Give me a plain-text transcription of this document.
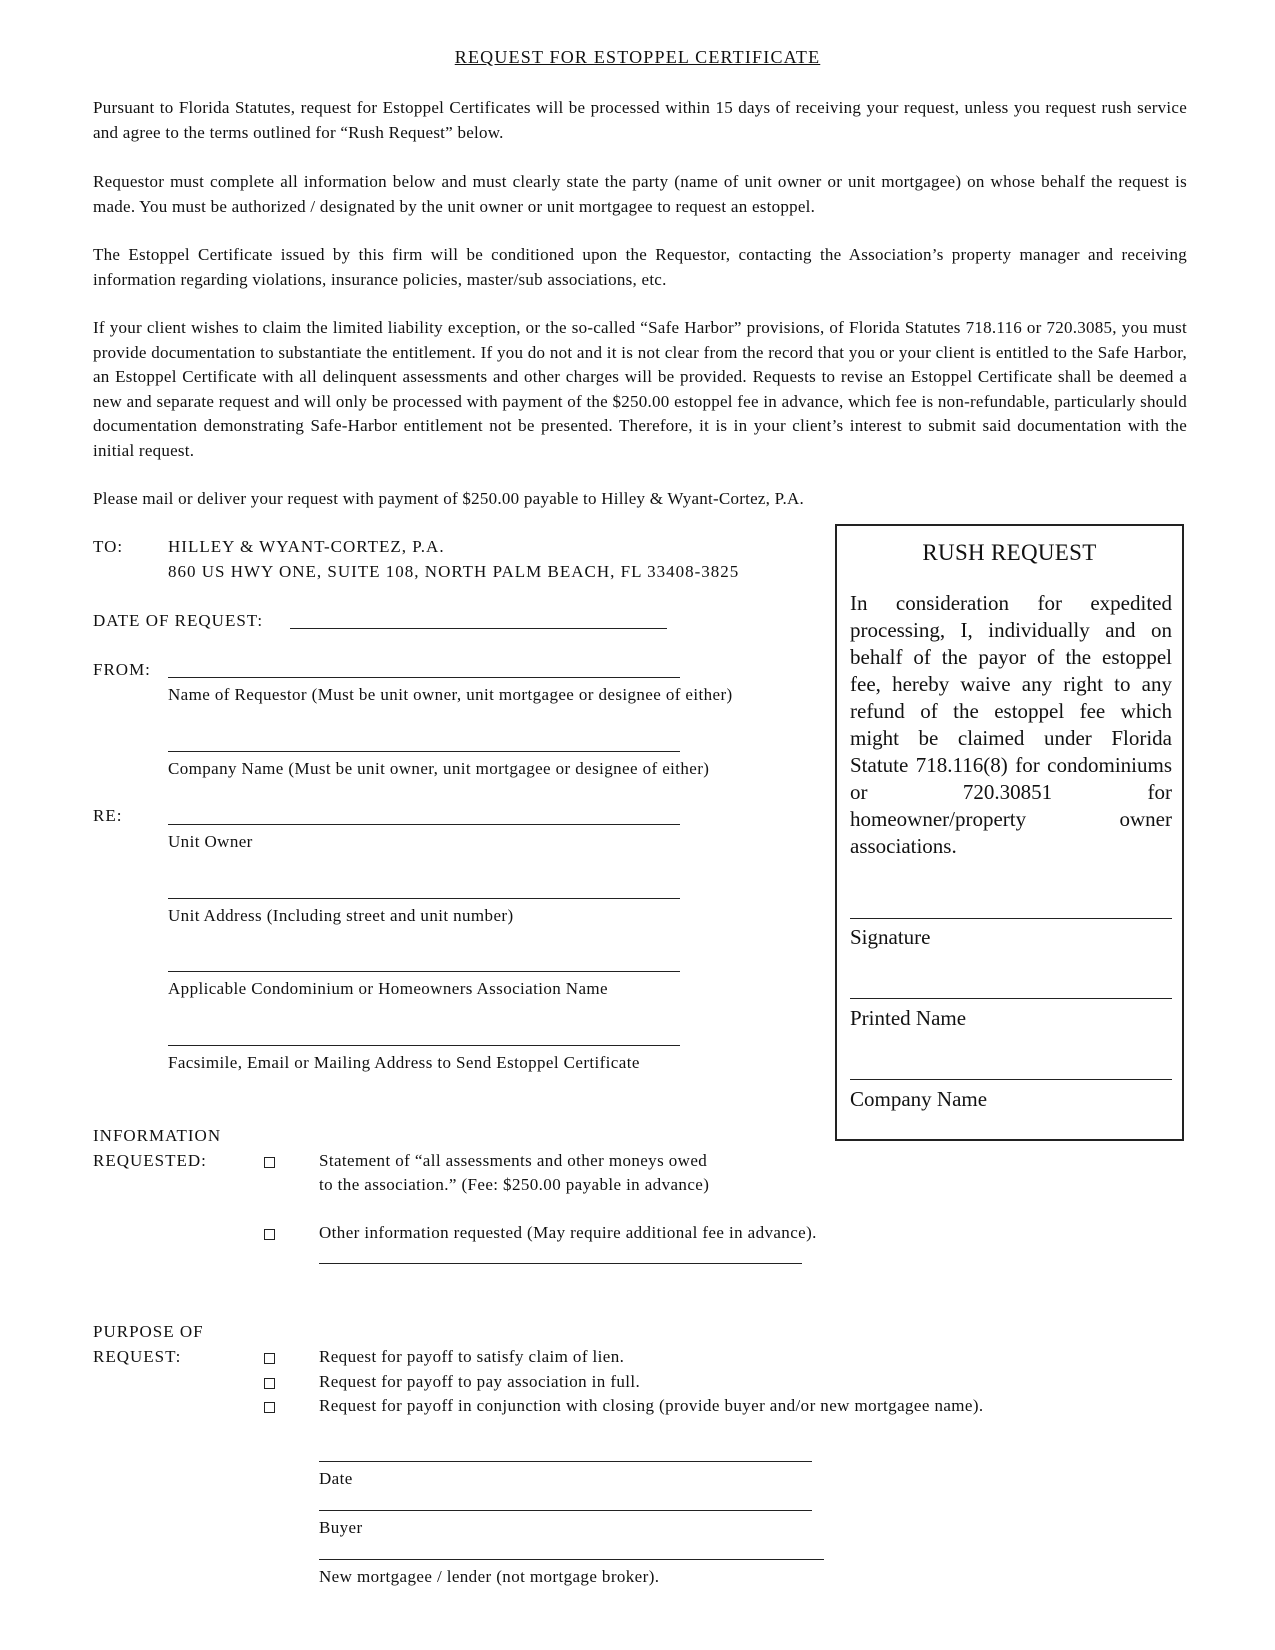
REQUEST FOR ESTOPPEL CERTIFICATE
Pursuant to Florida Statutes, request for Estoppel Certificates will be processed within 15 days of receiving your request, unless you request rush service and agree to the terms outlined for “Rush Request” below.
Requestor must complete all information below and must clearly state the party (name of unit owner or unit mortgagee) on whose behalf the request is made. You must be authorized / designated by the unit owner or unit mortgagee to request an estoppel.
The Estoppel Certificate issued by this firm will be conditioned upon the Requestor, contacting the Association’s property manager and receiving information regarding violations, insurance policies, master/sub associations, etc.
If your client wishes to claim the limited liability exception, or the so-called “Safe Harbor” provisions, of Florida Statutes 718.116 or 720.3085, you must provide documentation to substantiate the entitlement. If you do not and it is not clear from the record that you or your client is entitled to the Safe Harbor, an Estoppel Certificate with all delinquent assessments and other charges will be provided. Requests to revise an Estoppel Certificate shall be deemed a new and separate request and will only be processed with payment of the $250.00 estoppel fee in advance, which fee is non-refundable, particularly should documentation demonstrating Safe-Harbor entitlement not be presented. Therefore, it is in your client’s interest to submit said documentation with the initial request.
Please mail or deliver your request with payment of $250.00 payable to Hilley & Wyant-Cortez, P.A.
TO:	HILLEY & WYANT-CORTEZ, P.A.
860 US HWY ONE, SUITE 108, NORTH PALM BEACH, FL 33408-3825
DATE OF REQUEST:
FROM:
Name of Requestor (Must be unit owner, unit mortgagee or designee of either)
Company Name (Must be unit owner, unit mortgagee or designee of either)
RE:
Unit Owner
Unit Address (Including street and unit number)
Applicable Condominium or Homeowners Association Name
Facsimile, Email or Mailing Address to Send Estoppel Certificate
INFORMATION
REQUESTED:	Statement of “all assessments and other moneys owed
to the association.” (Fee: $250.00 payable in advance)
Other information requested (May require additional fee in advance).
PURPOSE OF
REQUEST:	Request for payoff to satisfy claim of lien.
Request for payoff to pay association in full.
Request for payoff in conjunction with closing (provide buyer and/or new mortgagee name).
Date
Buyer
New mortgagee / lender (not mortgage broker).
RUSH REQUEST
In consideration for expedited processing, I, individually and on behalf of the payor of the estoppel fee, hereby waive any right to any refund of the estoppel fee which might be claimed under Florida Statute 718.116(8) for condominiums or 720.30851 for homeowner/property owner associations.
Signature
Printed Name
Company Name
